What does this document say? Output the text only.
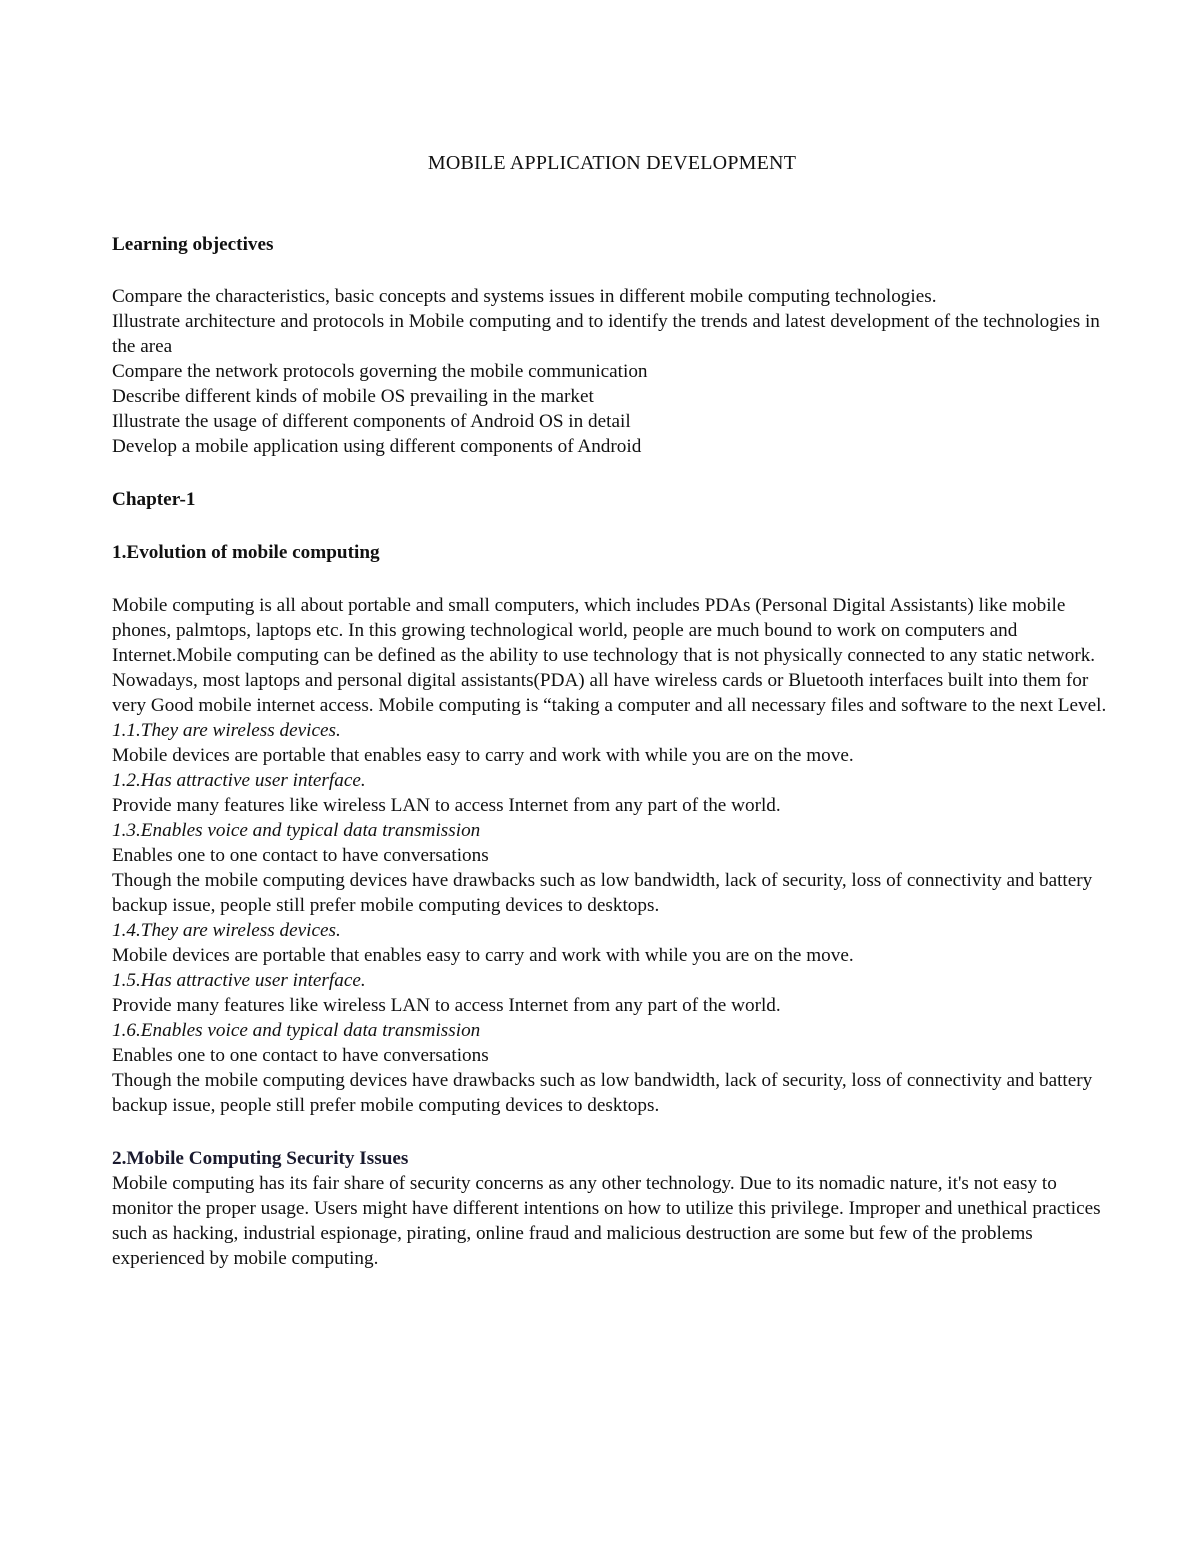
MOBILE APPLICATION DEVELOPMENT

Learning objectives

Compare the characteristics, basic concepts and systems issues in different mobile computing technologies.

Illustrate architecture and protocols in Mobile computing and to identify the trends and latest development of the technologies in the area

Compare the network protocols governing the mobile communication

Describe different kinds of mobile OS prevailing in the market

Illustrate the usage of different components of Android OS in detail

Develop a mobile application using different components of Android

Chapter-1

1.Evolution of mobile computing

Mobile computing is all about portable and small computers, which includes PDAs (Personal Digital Assistants) like mobile phones, palmtops, laptops etc. In this growing technological world, people are much bound to work on computers and Internet.Mobile computing can be defined as the ability to use technology that is not physically connected to any static network. Nowadays, most laptops and personal digital assistants(PDA) all have wireless cards or Bluetooth interfaces built into them for very Good mobile internet access. Mobile computing is “taking a computer and all necessary files and software to the next Level.

1.1.They are wireless devices.

Mobile devices are portable that enables easy to carry and work with while you are on the move.

1.2.Has attractive user interface.

Provide many features like wireless LAN to access Internet from any part of the world.

1.3.Enables voice and typical data transmission

Enables one to one contact to have conversations

Though the mobile computing devices have drawbacks such as low bandwidth, lack of security, loss of connectivity and battery backup issue, people still prefer mobile computing devices to desktops.

1.4.They are wireless devices.

Mobile devices are portable that enables easy to carry and work with while you are on the move.

1.5.Has attractive user interface.

Provide many features like wireless LAN to access Internet from any part of the world.

1.6.Enables voice and typical data transmission

Enables one to one contact to have conversations

Though the mobile computing devices have drawbacks such as low bandwidth, lack of security, loss of connectivity and battery backup issue, people still prefer mobile computing devices to desktops.

2.Mobile Computing Security Issues

Mobile computing has its fair share of security concerns as any other technology. Due to its nomadic nature, it's not easy to monitor the proper usage. Users might have different intentions on how to utilize this privilege. Improper and unethical practices such as hacking, industrial espionage, pirating, online fraud and malicious destruction are some but few of the problems experienced by mobile computing.
